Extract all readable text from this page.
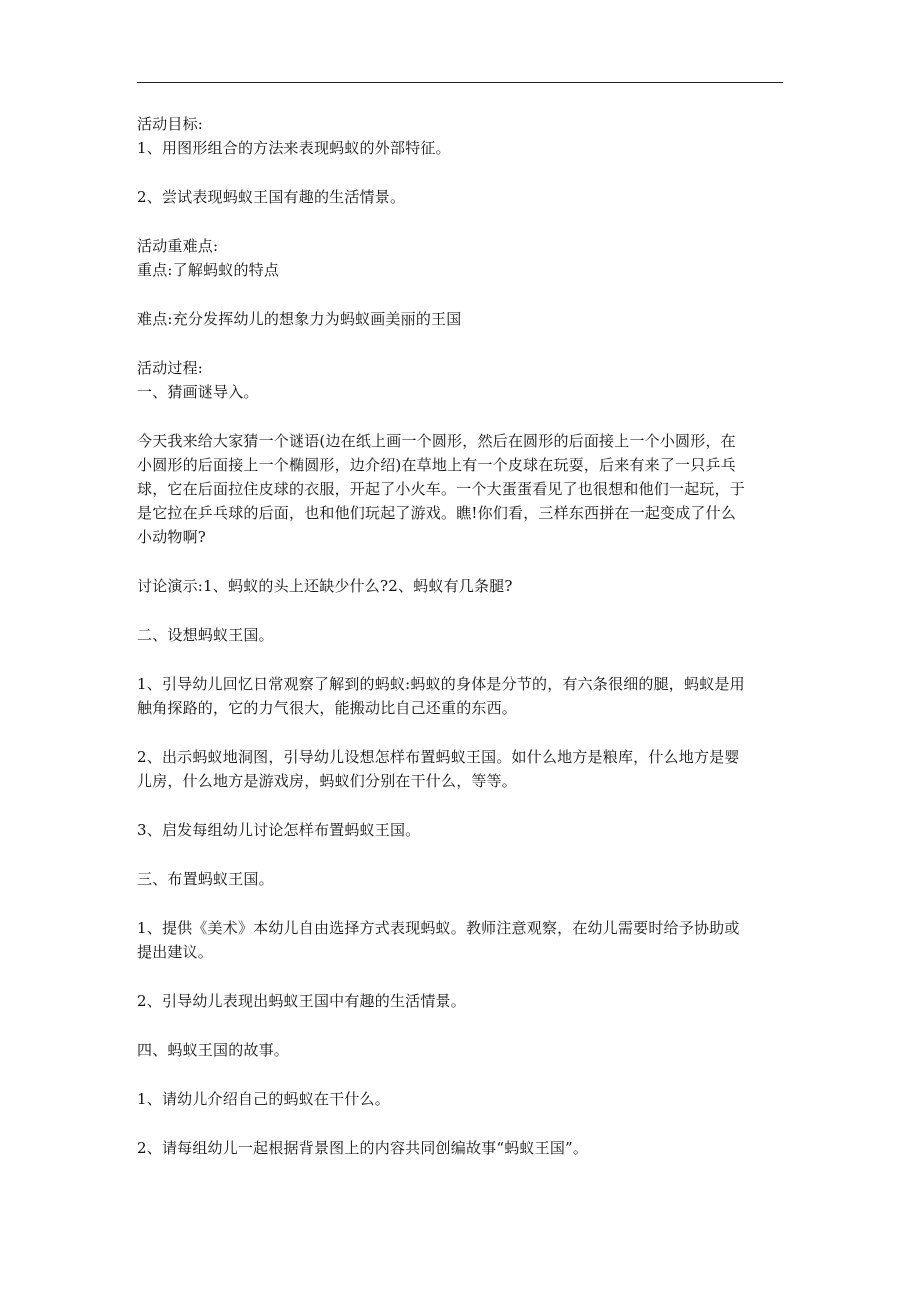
活动目标:
1、用图形组合的方法来表现蚂蚁的外部特征。
2、尝试表现蚂蚁王国有趣的生活情景。
活动重难点:
重点:了解蚂蚁的特点
难点:充分发挥幼儿的想象力为蚂蚁画美丽的王国
活动过程:
一、猜画谜导入。
今天我来给大家猜一个谜语(边在纸上画一个圆形，然后在圆形的后面接上一个小圆形，在
小圆形的后面接上一个椭圆形，边介绍)在草地上有一个皮球在玩耍，后来有来了一只乒乓
球，它在后面拉住皮球的衣服，开起了小火车。一个大蛋蛋看见了也很想和他们一起玩，于
是它拉在乒乓球的后面，也和他们玩起了游戏。瞧!你们看，三样东西拼在一起变成了什么
小动物啊?
讨论演示:1、蚂蚁的头上还缺少什么?2、蚂蚁有几条腿?
二、设想蚂蚁王国。
1、引导幼儿回忆日常观察了解到的蚂蚁:蚂蚁的身体是分节的，有六条很细的腿，蚂蚁是用
触角探路的，它的力气很大，能搬动比自己还重的东西。
2、出示蚂蚁地洞图，引导幼儿设想怎样布置蚂蚁王国。如什么地方是粮库，什么地方是婴
儿房，什么地方是游戏房，蚂蚁们分别在干什么，等等。
3、启发每组幼儿讨论怎样布置蚂蚁王国。
三、布置蚂蚁王国。
1、提供《美术》本幼儿自由选择方式表现蚂蚁。教师注意观察，在幼儿需要时给予协助或
提出建议。
2、引导幼儿表现出蚂蚁王国中有趣的生活情景。
四、蚂蚁王国的故事。
1、请幼儿介绍自己的蚂蚁在干什么。
2、请每组幼儿一起根据背景图上的内容共同创编故事“蚂蚁王国”。
